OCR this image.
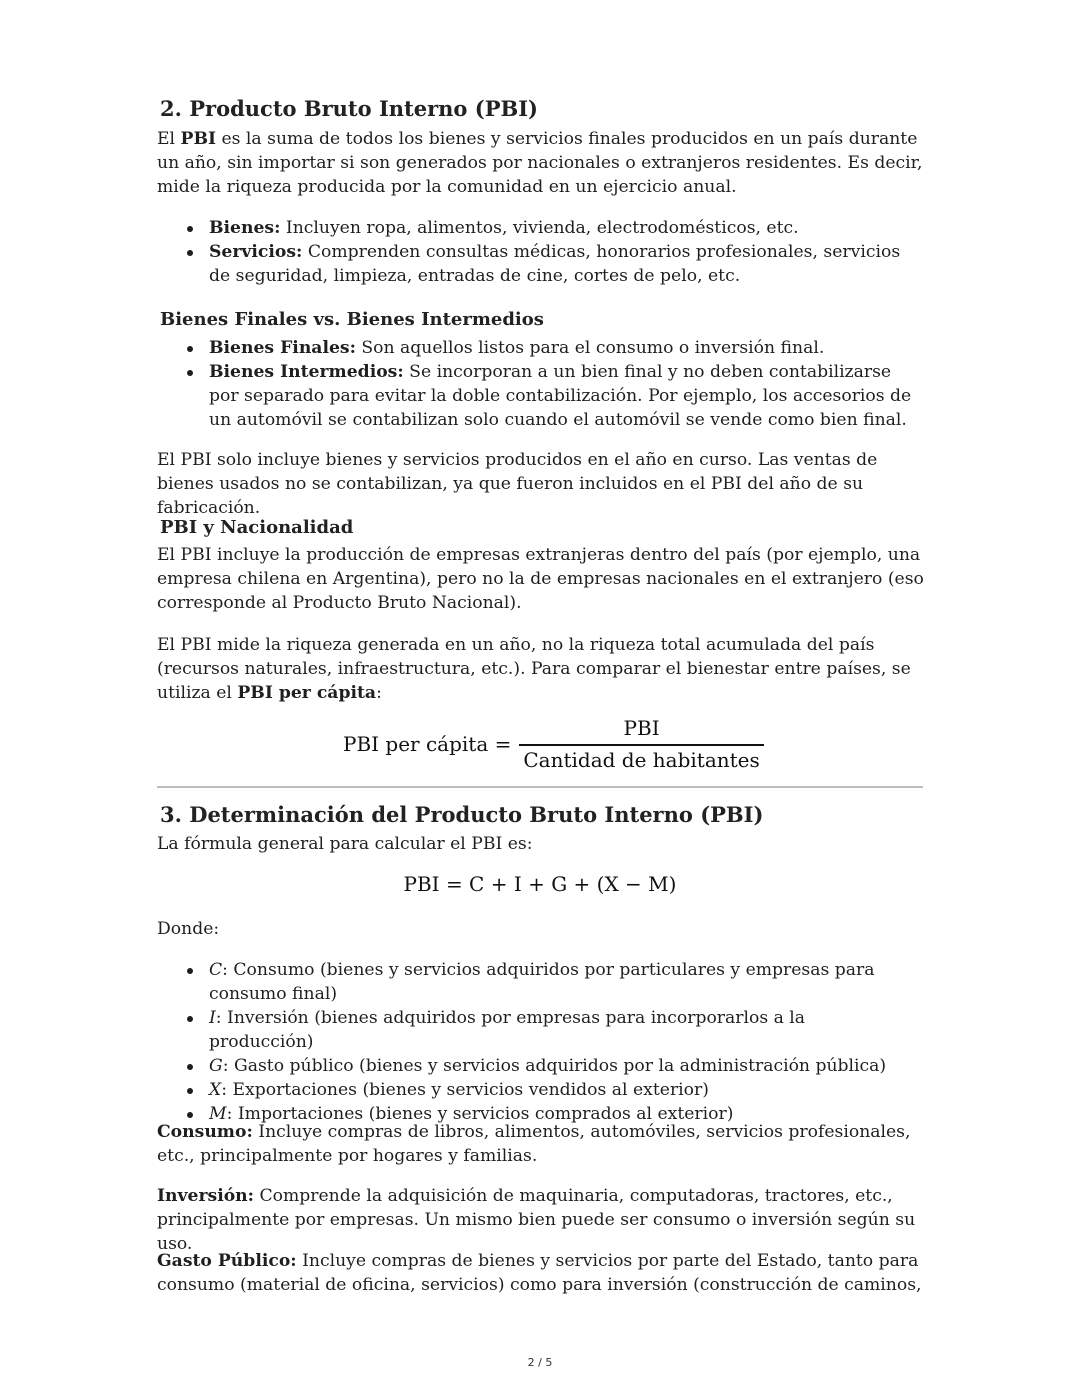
2. Producto Bruto Interno (PBI)

El PBI es la suma de todos los bienes y servicios finales producidos en un país durante un año, sin importar si son generados por nacionales o extranjeros residentes. Es decir, mide la riqueza producida por la comunidad en un ejercicio anual.

Bienes: Incluyen ropa, alimentos, vivienda, electrodomésticos, etc.
Servicios: Comprenden consultas médicas, honorarios profesionales, servicios de seguridad, limpieza, entradas de cine, cortes de pelo, etc.
Bienes Finales vs. Bienes Intermedios
Bienes Finales: Son aquellos listos para el consumo o inversión final.
Bienes Intermedios: Se incorporan a un bien final y no deben contabilizarse por separado para evitar la doble contabilización. Por ejemplo, los accesorios de un automóvil se contabilizan solo cuando el automóvil se vende como bien final.

El PBI solo incluye bienes y servicios producidos en el año en curso. Las ventas de bienes usados no se contabilizan, ya que fueron incluidos en el PBI del año de su fabricación.

PBI y Nacionalidad

El PBI incluye la producción de empresas extranjeras dentro del país (por ejemplo, una empresa chilena en Argentina), pero no la de empresas nacionales en el extranjero (eso corresponde al Producto Bruto Nacional).

El PBI mide la riqueza generada en un año, no la riqueza total acumulada del país (recursos naturales, infraestructura, etc.). Para comparar el bienestar entre países, se utiliza el PBI per cápita:

PBI per cápita = $\frac{\text{PBI}}{\text{Cantidad de habitantes}}$
3. Determinación del Producto Bruto Interno (PBI)

La fórmula general para calcular el PBI es:

PBI = C + I + G + (X − M)

Donde:

C: Consumo (bienes y servicios adquiridos por particulares y empresas para consumo final)
I: Inversión (bienes adquiridos por empresas para incorporarlos a la producción)
G: Gasto público (bienes y servicios adquiridos por la administración pública)
X: Exportaciones (bienes y servicios vendidos al exterior)
M: Importaciones (bienes y servicios comprados al exterior)

Consumo: Incluye compras de libros, alimentos, automóviles, servicios profesionales, etc., principalmente por hogares y familias.

Inversión: Comprende la adquisición de maquinaria, computadoras, tractores, etc., principalmente por empresas. Un mismo bien puede ser consumo o inversión según su uso.

Gasto Público: Incluye compras de bienes y servicios por parte del Estado, tanto para consumo (material de oficina, servicios) como para inversión (construcción de caminos,

2 / 5
